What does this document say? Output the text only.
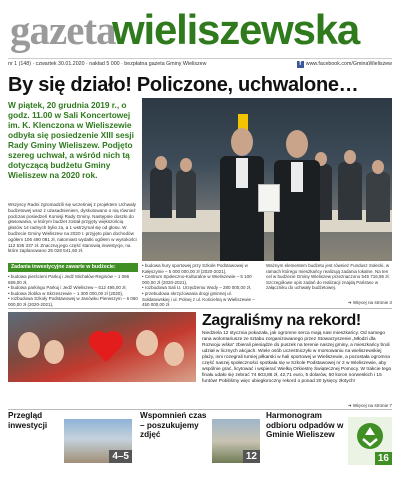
gazeta
wieliszewska
nr 1 (148) · czwartek 30.01.2020 · nakład 5 000 · bezpłatna gazeta Gminy Wieliszew	f www.facebook.com/GminaWieliszew
By się działo! Policzone, uchwalone…
W piątek, 20 grudnia 2019 r., o godz. 11.00 w Sali Koncertowej im. K. Klenczona w Wieliszewie odbyła się posiedzenie XIII sesji Rady Gminy Wieliszew. Podjęto szereg uchwał, a wśród nich tą dotyczącą budżetu Gminy Wieliszew na 2020 rok.
Wszyscy Radni zgromadzili się wcześniej z projektem Uchwały budżetowej wraz z uzasadnieniem, dyskutowano o nią również podczas posiedzeń Komisji Rady Gminy. Następnie doszło do głosowania, w którym budżet został przyjęty większością głosów 14 radnych byłio za, a 1 wstrzymał się od głosu. W budżecie Gminy Wieliszew na 2020 r. przyjęto plan dochodów ogółem 106 490 081 zł, natomiast wydatki ogółem w wysokości 112 535 337 zł. Znaczną jego część stanowią inwestycje, na które zaplanowano 25 028 541,60 zł.
Zadania inwestycyjne zawarte w budżecie:
• budowa pierścieni Parkuj i Jedź Michałów-Reginów – 1 086 659,00 zł,
• budowa parkingu Parkuj i Jedź Wieliszew – 512 495,00 zł,
• budowa żłobka w Skrzeszewie – 1 300 000,00 zł (2020),
• rozbudowa Szkoły Podstawowej w Janówku Pierwszym – 6 060 000,00 zł (2020-2021),
• budowa hury sportowej przy Szkole Podstawowej w Kałęszynie – 5 000 000,00 zł (2020-2021),
• Centrum Społeczno-Kulturalne w Wieliszewie – 5 100 000,00 zł (2020-2021),
• rozbudowa Sali U. Urzędzeniu Wody – 280 000,00 zł,
• przebudowa skrzyżowania drogi gminnej ul. Sołdatowskiej i ul. Polnej z ul. Kościelną w Wieliszewie – 450 000,00 zł.
Ważnym elementem budżetu jest również Fundusz Sołecki, w ramach którego mieszkańcy realizują zadania lokalne. Na ten cel w budżecie Gminy Wieliszew przeznaczono 545 716,95 zł. Szczegółowe opis zadań do realizacji znajdą Państwo w załączniku do uchwały budżetowej.
➔ Więcej na stronie 3
Zagraliśmy na rekord!
Niedziela 12 stycznia pokazała, jak ogromne serca mają nasi mieszkańcy. Od samego rana wolontariusze ze sztabu zorganizowanego przez Stowarzyszenie „Młodzi dla Rozwoju wśka” zbierali pieniądze do puszek na terenie naszej gminy, a mieszkańcy bruli udział w licznych akcjach. Wiele osób uczestniczyło w morsowaniu na wieliszewskiej plaży, inni rozegrali turniej piłkarski w hali sportowej w Wieliszewie, a pozostała ogromna część naszej społeczności spotkała się w Szkole Podstawowej nr 2 w Wieliszewie, aby wspólnie grać, licytować i wspierać Wielką Orkiestrę Świątecznej Pomocy. W trakcie tego finału udało się zebrać 74 603,86 zł, 42,71 euro, 5 dolarów, 50 koron norweskich i 15 funtów! Pobiliśmy więc ubiegłoroczny rekord o ponad 20 tysięcy złotych!
➔ Więcej na stronie 7
Przegląd inwestycji
4–5
Wspomnień czas – poszukujemy zdjęć
12
Harmonogram odbioru odpadów w Gminie Wieliszew
16
